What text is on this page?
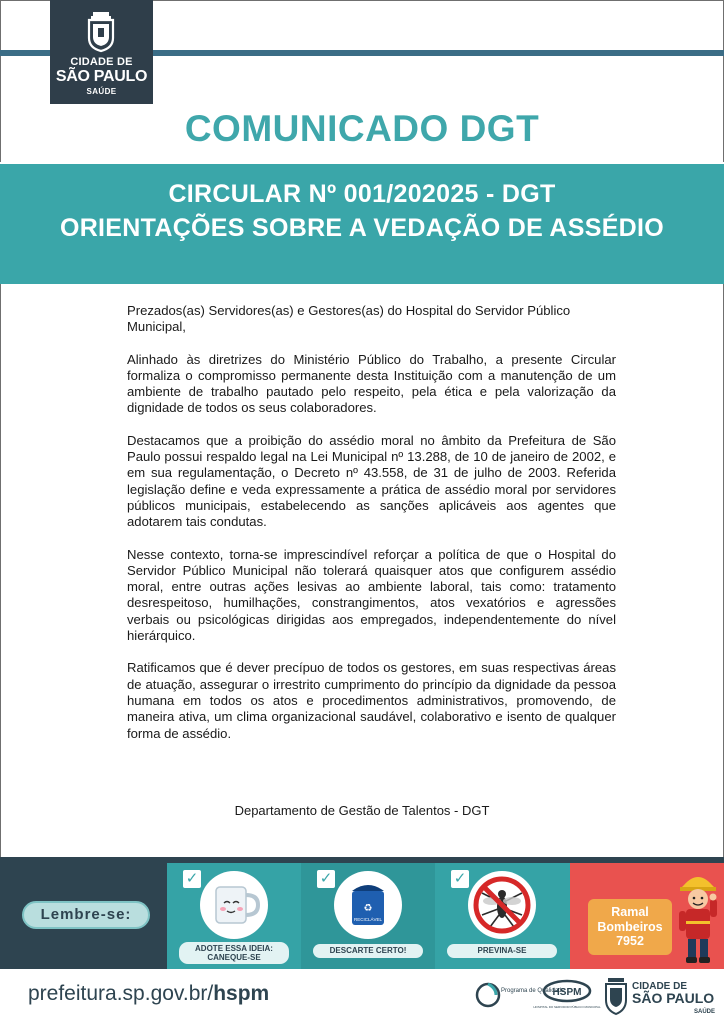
CIDADE DE
SÃO PAULO
SAÚDE
COMUNICADO DGT
CIRCULAR Nº 001/202025 - DGT
ORIENTAÇÕES SOBRE A VEDAÇÃO DE ASSÉDIO

Prezados(as) Servidores(as) e Gestores(as) do Hospital do Servidor Público Municipal,

Alinhado às diretrizes do Ministério Público do Trabalho, a presente Circular formaliza o compromisso permanente desta Instituição com a manutenção de um ambiente de trabalho pautado pelo respeito, pela ética e pela valorização da dignidade de todos os seus colaboradores.

Destacamos que a proibição do assédio moral no âmbito da Prefeitura de São Paulo possui respaldo legal na Lei Municipal nº 13.288, de 10 de janeiro de 2002, e em sua regulamentação, o Decreto nº 43.558, de 31 de julho de 2003. Referida legislação define e veda expressamente a prática de assédio moral por servidores públicos municipais, estabelecendo as sanções aplicáveis aos agentes que adotarem tais condutas.

Nesse contexto, torna-se imprescindível reforçar a política de que o Hospital do Servidor Público Municipal não tolerará quaisquer atos que configurem assédio moral, entre outras ações lesivas ao ambiente laboral, tais como: tratamento desrespeitoso, humilhações, constrangimentos, atos vexatórios e agressões verbais ou psicológicas dirigidas aos empregados, independentemente do nível hierárquico.

Ratificamos que é dever precípuo de todos os gestores, em suas respectivas áreas de atuação, assegurar o irrestrito cumprimento do princípio da dignidade da pessoa humana em todos os atos e procedimentos administrativos, promovendo, de maneira ativa, um clima organizacional saudável, colaborativo e isento de qualquer forma de assédio.

Departamento de Gestão de Talentos - DGT
Lembre-se:
✓
ADOTE ESSA IDEIA: CANEQUE-SE
✓
♻
RECICLÁVEL
DESCARTE CERTO!
✓
PREVINA-SE
Ramal
Bombeiros
7952
prefeitura.sp.gov.br/hspm	Programa de Qualidade
HSPM
HOSPITAL DO SERVIDOR PÚBLICO MUNICIPAL
CIDADE DE
SÃO PAULO
SAÚDE
